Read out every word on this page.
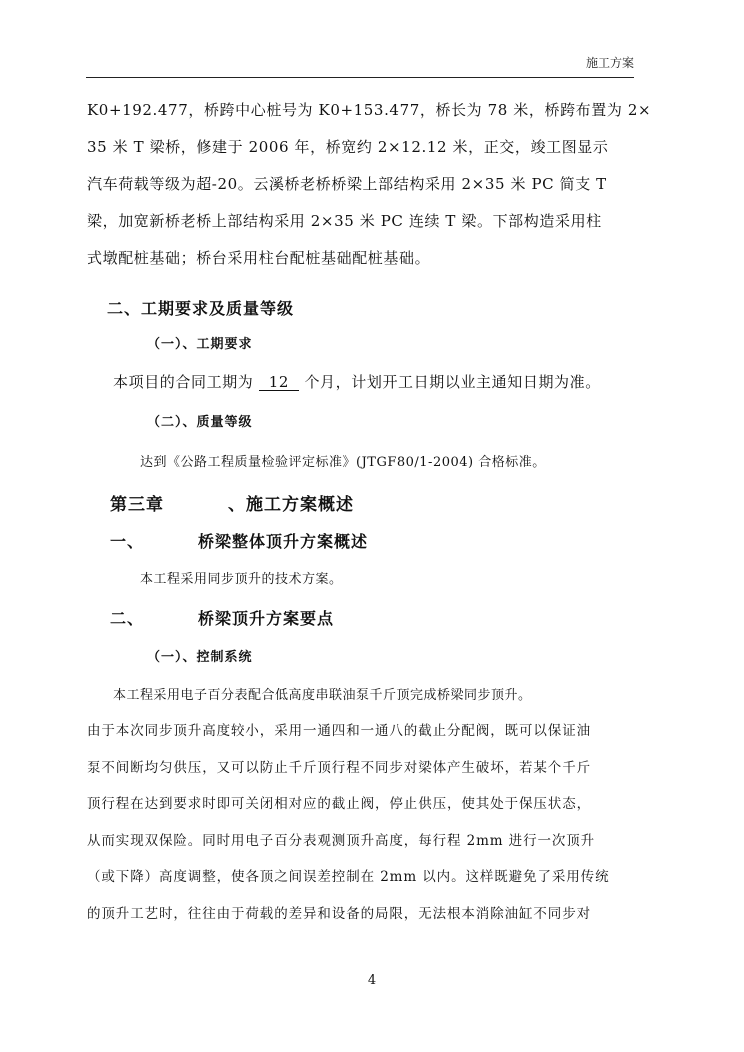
施工方案
K0+192.477，桥跨中心桩号为 K0+153.477，桥长为 78 米，桥跨布置为 2×
35 米 T 梁桥，修建于 2006 年，桥宽约 2×12.12 米，正交，竣工图显示
汽车荷载等级为超-20。云溪桥老桥桥梁上部结构采用 2×35 米 PC 简支 T
梁，加宽新桥老桥上部结构采用 2×35 米 PC 连续 T 梁。下部构造采用柱
式墩配桩基础；桥台采用柱台配桩基础配桩基础。
二、工期要求及质量等级
（一）、工期要求
本项目的合同工期为 12 个月，计划开工日期以业主通知日期为准。
（二）、质量等级
达到《公路工程质量检验评定标准》(JTGF80/1-2004) 合格标准。
第三章	、施工方案概述
一、	桥梁整体顶升方案概述
本工程采用同步顶升的技术方案。
二、	桥梁顶升方案要点
（一）、控制系统
本工程采用电子百分表配合低高度串联油泵千斤顶完成桥梁同步顶升。
由于本次同步顶升高度较小，采用一通四和一通八的截止分配阀，既可以保证油
泵不间断均匀供压，又可以防止千斤顶行程不同步对梁体产生破坏，若某个千斤
顶行程在达到要求时即可关闭相对应的截止阀，停止供压，使其处于保压状态，
从而实现双保险。同时用电子百分表观测顶升高度，每行程 2mm 进行一次顶升
（或下降）高度调整，使各顶之间误差控制在 2mm 以内。这样既避免了采用传统
的顶升工艺时，往往由于荷载的差异和设备的局限，无法根本消除油缸不同步对
4
